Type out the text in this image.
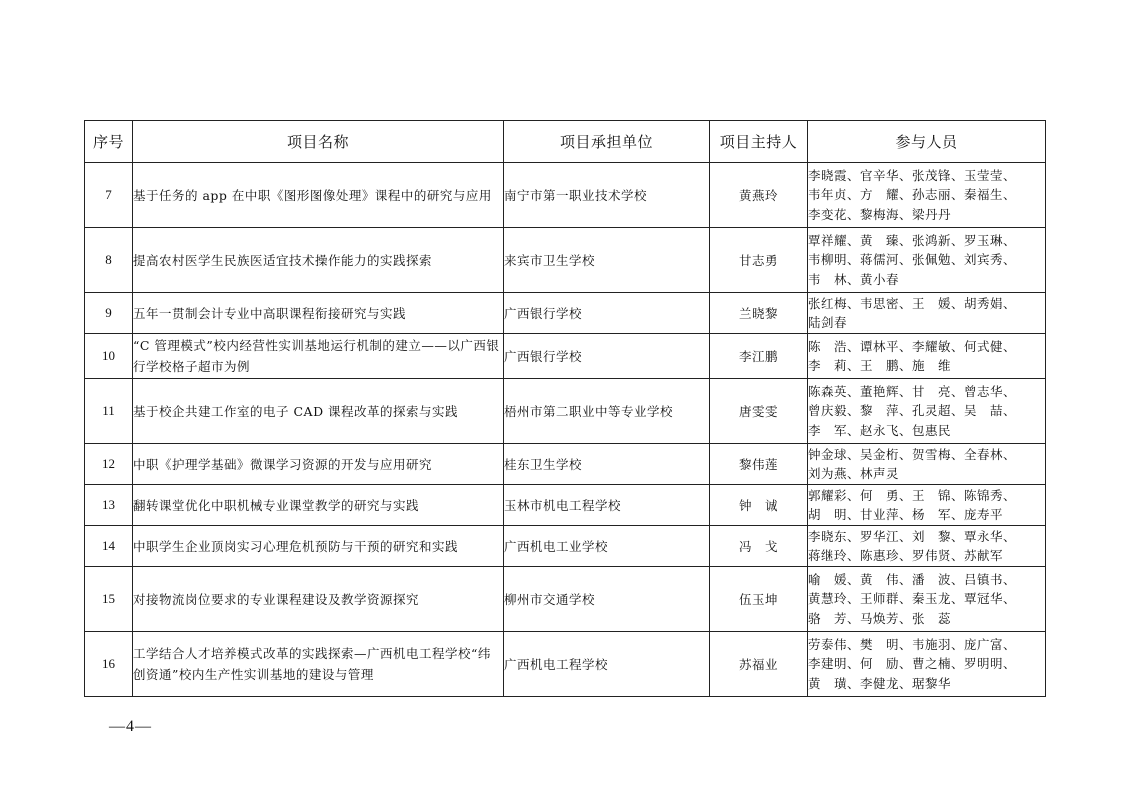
序号	项目名称	项目承担单位	项目主持人	参与人员
7	基于任务的 app 在中职《图形图像处理》课程中的研究与应用	南宁市第一职业技术学校	黄燕玲	李晓霞、官辛华、张茂锋、玉莹莹、
韦年贞、方　耀、孙志丽、秦福生、
李变花、黎梅海、梁丹丹

8	提高农村医学生民族医适宜技术操作能力的实践探索	来宾市卫生学校	甘志勇	覃祥耀、黄　臻、张鸿新、罗玉琳、
韦柳明、蒋儒河、张佩勉、刘宾秀、
韦　林、黄小春

9	五年一贯制会计专业中高职课程衔接研究与实践	广西银行学校	兰晓黎	张红梅、韦思密、王　媛、胡秀娟、
陆剑春

10	“C 管理模式”校内经营性实训基地运行机制的建立——以广西银行学校格子超市为例	广西银行学校	李江鹏	陈　浩、谭林平、李耀敏、何式健、
李　莉、王　鹏、施　维

11	基于校企共建工作室的电子 CAD 课程改革的探索与实践	梧州市第二职业中等专业学校	唐雯雯	陈森英、董艳辉、甘　亮、曾志华、
曾庆毅、黎　萍、孔灵超、吴　喆、
李　军、赵永飞、包惠民

12	中职《护理学基础》微课学习资源的开发与应用研究	桂东卫生学校	黎伟莲	钟金球、吴金桁、贺雪梅、全春林、
刘为燕、林声灵

13	翻转课堂优化中职机械专业课堂教学的研究与实践	玉林市机电工程学校	钟　诚	郭耀彩、何　勇、王　锦、陈锦秀、
胡　明、甘业萍、杨　军、庞寿平

14	中职学生企业顶岗实习心理危机预防与干预的研究和实践	广西机电工业学校	冯　戈	李晓东、罗华江、刘　黎、覃永华、
蒋继玲、陈惠珍、罗伟贤、苏献军

15	对接物流岗位要求的专业课程建设及教学资源探究	柳州市交通学校	伍玉坤	喻　媛、黄　伟、潘　波、吕镇书、
黄慧玲、王师群、秦玉龙、覃冠华、
骆　芳、马焕芳、张　蕊

16	工学结合人才培养模式改革的实践探索—广西机电工程学校“纬创资通”校内生产性实训基地的建设与管理	广西机电工程学校	苏福业	劳泰伟、樊　明、韦施羽、庞广富、
李建明、何　励、曹之楠、罗明明、
黄　璜、李健龙、琚黎华
—4—
